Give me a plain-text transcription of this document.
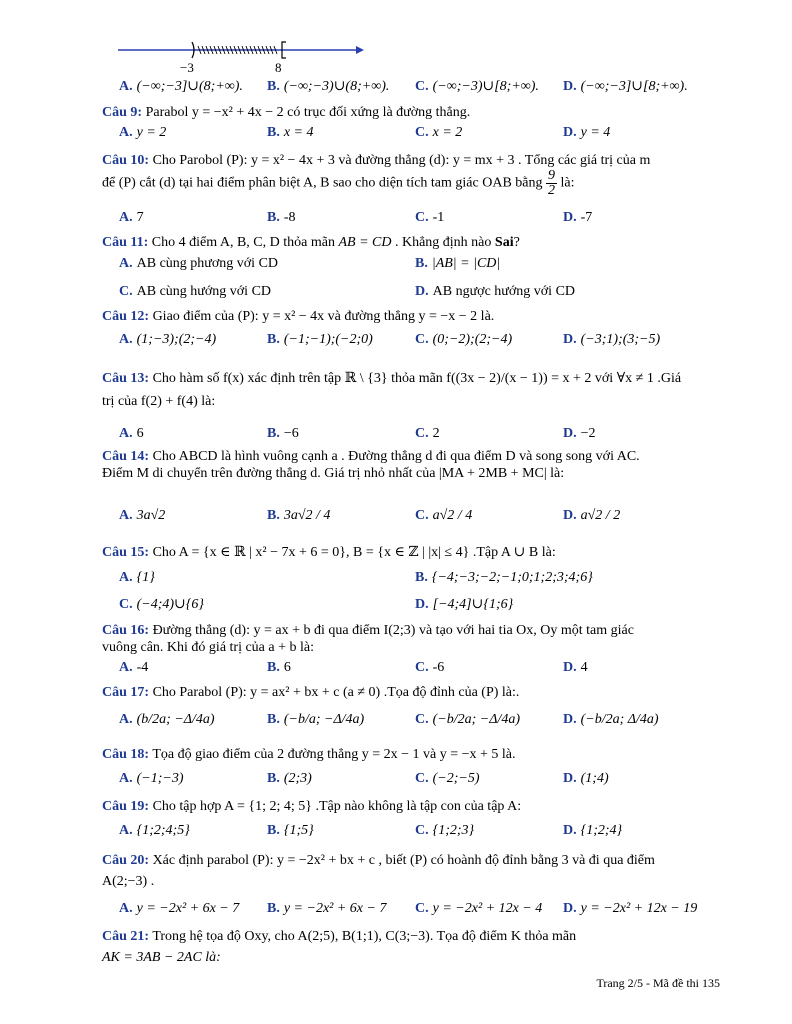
−3	8
A. (−∞;−3]∪(8;+∞). B. (−∞;−3)∪(8;+∞). C. (−∞;−3)∪[8;+∞). D. (−∞;−3]∪[8;+∞).
Câu 9: Parabol y = −x² + 4x − 2 có trục đối xứng là đường thẳng.
A. y = 2	B. x = 4	C. x = 2	D. y = 4
Câu 10: Cho Parobol (P): y = x² − 4x + 3 và đường thẳng (d): y = mx + 3 . Tổng các giá trị của m
để (P) cắt (d) tại hai điểm phân biệt A, B sao cho diện tích tam giác OAB bằng $\frac{9}{2}$ là:
A. 7	B. -8	C. -1	D. -7
Câu 11: Cho 4 điểm A, B, C, D thỏa mãn AB = CD . Khẳng định nào Sai?
A. AB cùng phương với CD	B. |AB| = |CD|
C. AB cùng hướng với CD	D. AB ngược hướng với CD
Câu 12: Giao điểm của (P): y = x² − 4x và đường thẳng y = −x − 2 là.
A. (1;−3);(2;−4)	B. (−1;−1);(−2;0)	C. (0;−2);(2;−4)	D. (−3;1);(3;−5)
Câu 13: Cho hàm số f(x) xác định trên tập ℝ \ {3} thỏa mãn f((3x − 2)/(x − 1)) = x + 2 với ∀x ≠ 1 .Giá
trị của f(2) + f(4) là:
A. 6	B. −6	C. 2	D. −2
Câu 14: Cho ABCD là hình vuông cạnh a . Đường thẳng d đi qua điểm D và song song với AC.
Điểm M di chuyển trên đường thẳng d. Giá trị nhỏ nhất của |MA + 2MB + MC| là:
A. 3a√2	B. 3a√2 / 4	C. a√2 / 4	D. a√2 / 2
Câu 15: Cho A = {x ∈ ℝ | x² − 7x + 6 = 0}, B = {x ∈ ℤ | |x| ≤ 4} .Tập A ∪ B là:
A. {1}	B. {−4;−3;−2;−1;0;1;2;3;4;6}
C. (−4;4)∪{6}	D. [−4;4]∪{1;6}
Câu 16: Đường thẳng (d): y = ax + b đi qua điểm I(2;3) và tạo với hai tia Ox, Oy một tam giác
vuông cân. Khi đó giá trị của a + b là:
A. -4	B. 6	C. -6	D. 4
Câu 17: Cho Parabol (P): y = ax² + bx + c (a ≠ 0) .Tọa độ đỉnh của (P) là:.
A. (b/2a; −Δ/4a)	B. (−b/a; −Δ/4a)	C. (−b/2a; −Δ/4a)	D. (−b/2a; Δ/4a)
Câu 18: Tọa độ giao điểm của 2 đường thẳng y = 2x − 1 và y = −x + 5 là.
A. (−1;−3)	B. (2;3)	C. (−2;−5)	D. (1;4)
Câu 19: Cho tập hợp A = {1; 2; 4; 5} .Tập nào không là tập con của tập A:
A. {1;2;4;5}	B. {1;5}	C. {1;2;3}	D. {1;2;4}
Câu 20: Xác định parabol (P): y = −2x² + bx + c , biết (P) có hoành độ đỉnh bằng 3 và đi qua điểm
A(2;−3) .
A. y = −2x² + 6x − 7 B. y = −2x² + 6x − 7 C. y = −2x² + 12x − 4 D. y = −2x² + 12x − 19
Câu 21: Trong hệ tọa độ Oxy, cho A(2;5), B(1;1), C(3;−3). Tọa độ điểm K thỏa mãn
AK = 3AB − 2AC là:
Trang 2/5 - Mã đề thi 135
